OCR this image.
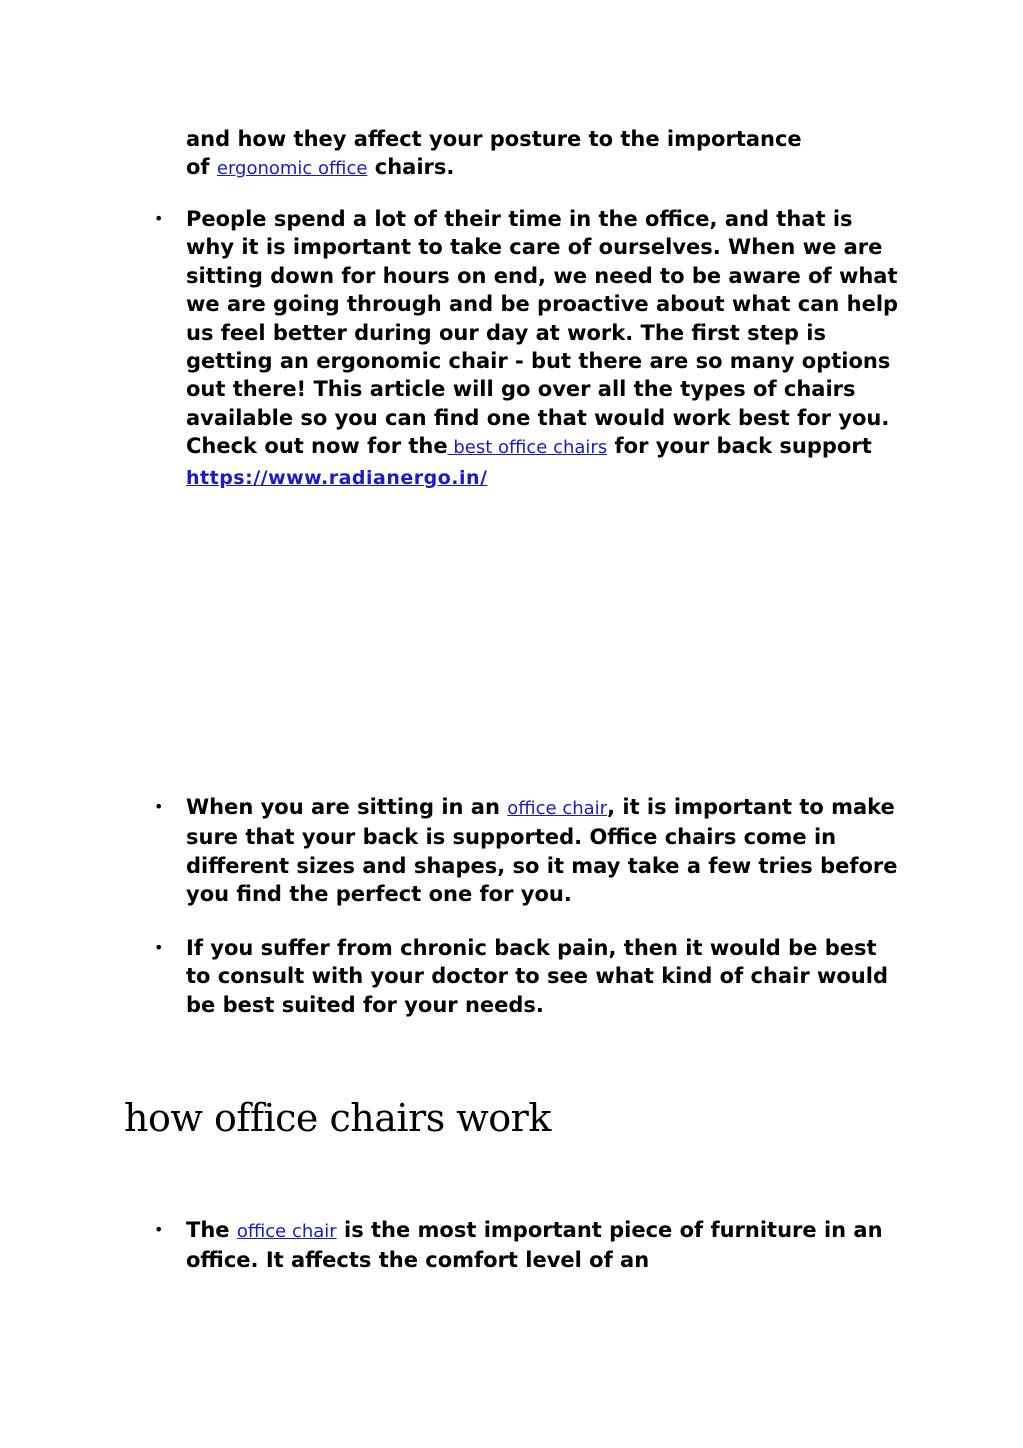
and how they affect your posture to the importance
of ergonomic office chairs.

• People spend a lot of their time in the office, and that is why it is important to take care of ourselves. When we are sitting down for hours on end, we need to be aware of what we are going through and be proactive about what can help us feel better during our day at work. The first step is getting an ergonomic chair - but there are so many options out there! This article will go over all the types of chairs available so you can find one that would work best for you. Check out now for the best office chairs for your back support https://www.radianergo.in/
• When you are sitting in an office chair, it is important to make sure that your back is supported. Office chairs come in different sizes and shapes, so it may take a few tries before you find the perfect one for you.
• If you suffer from chronic back pain, then it would be best to consult with your doctor to see what kind of chair would be best suited for your needs.
how office chairs work
• The office chair is the most important piece of furniture in an office. It affects the comfort level of an
